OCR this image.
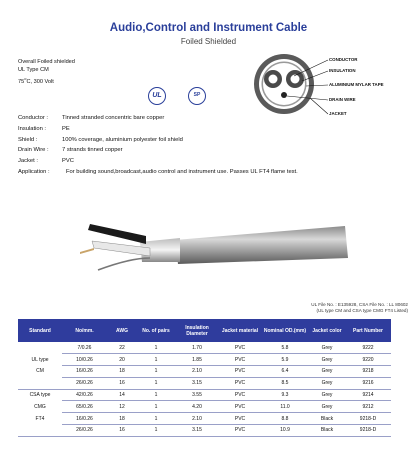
Audio,Control and Instrument Cable
Foiled Shielded
Overall Foiled shielded
UL Type CM
75$^o$C, 300 Volt
UL	SP
CONDUCTOR
INSULATION
ALUMINIUM MYLAR TAPE
DRAIN WIRE
JACKET
Conductor :	Tinned stranded concentric bare copper
Insulation :	PE
Shield :	100% coverage, aluminium polyester foil shield
Drain Wire :	7 strands tinned copper
Jacket :	PVC
Application :	For building sound,broadcast,audio control and instrument use. Passes UL FT4 flame test.
UL File No. : E135928, CSA File No. : LL 80602
(UL type CM and CSA type CMG FT4 Listed)
Standard	No/mm.	AWG	No. of pairs	Insulation Diameter	Jacket material	Nominal OD.(mm)	Jacket color	Part Number
	7/0.26	22	1	1.70	PVC	5.8	Grey	9222
UL type	10/0.26	20	1	1.85	PVC	5.9	Grey	9220
CM	16/0.26	18	1	2.10	PVC	6.4	Grey	9218
	26/0.26	16	1	3.15	PVC	8.5	Grey	9216
CSA type	42/0.26	14	1	3.55	PVC	9.3	Grey	9214
CMG	65/0.26	12	1	4.20	PVC	11.0	Grey	9212
FT4	16/0.26	18	1	2.10	PVC	8.8	Black	9218-D
	26/0.26	16	1	3.15	PVC	10.9	Black	9218-D
